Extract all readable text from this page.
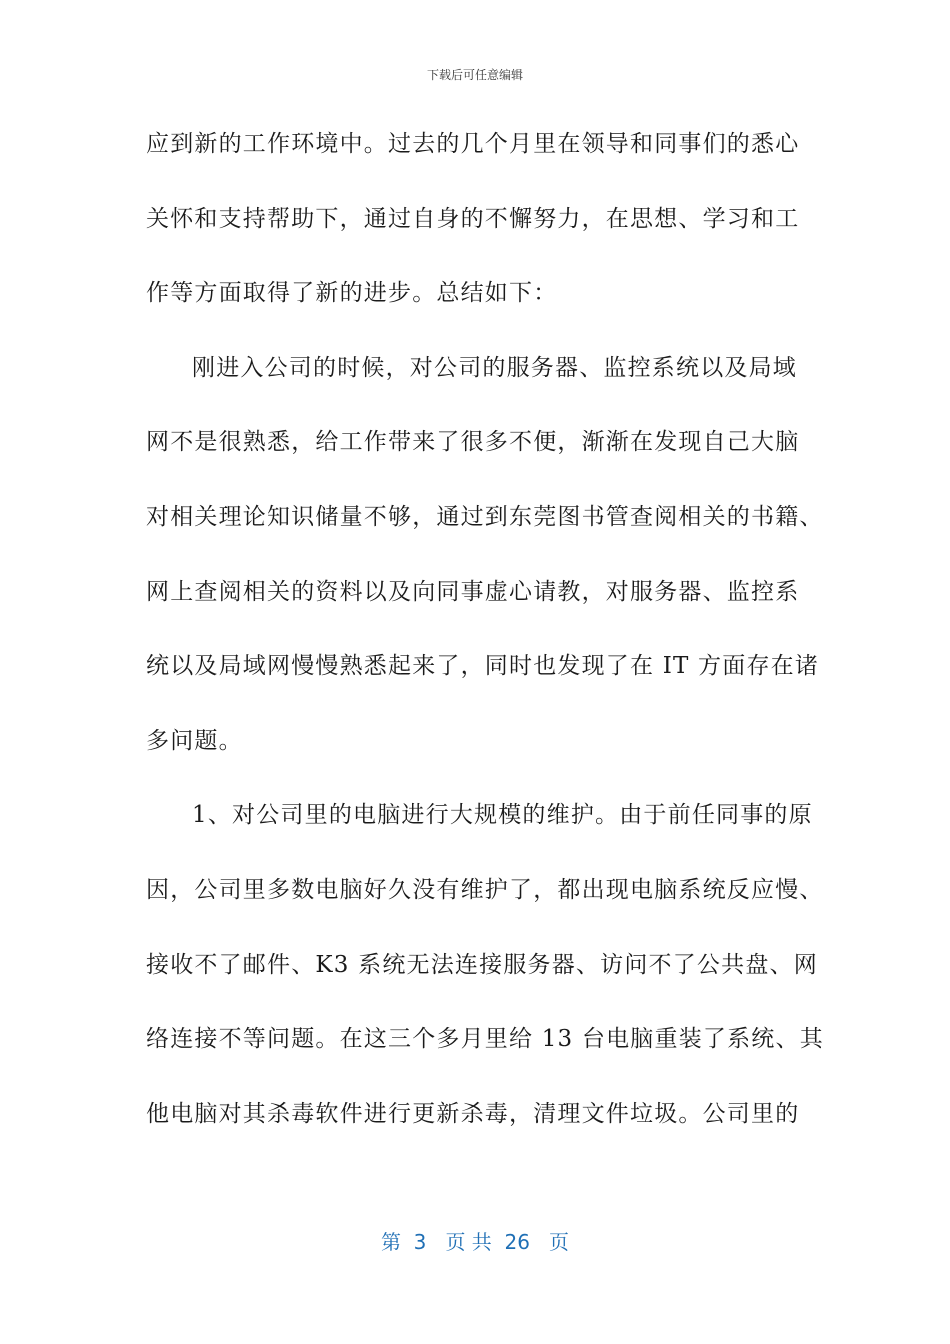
下载后可任意编辑
应到新的工作环境中。过去的几个月里在领导和同事们的悉心
关怀和支持帮助下，通过自身的不懈努力，在思想、学习和工
作等方面取得了新的进步。总结如下：
刚进入公司的时候，对公司的服务器、监控系统以及局域
网不是很熟悉，给工作带来了很多不便，渐渐在发现自己大脑
对相关理论知识储量不够，通过到东莞图书管查阅相关的书籍、
网上查阅相关的资料以及向同事虚心请教，对服务器、监控系
统以及局域网慢慢熟悉起来了，同时也发现了在 IT 方面存在诸
多问题。
1、对公司里的电脑进行大规模的维护。由于前任同事的原
因，公司里多数电脑好久没有维护了，都出现电脑系统反应慢、
接收不了邮件、K3 系统无法连接服务器、访问不了公共盘、网
络连接不等问题。在这三个多月里给 13 台电脑重装了系统、其
他电脑对其杀毒软件进行更新杀毒，清理文件垃圾。公司里的
第  3   页 共  26   页
